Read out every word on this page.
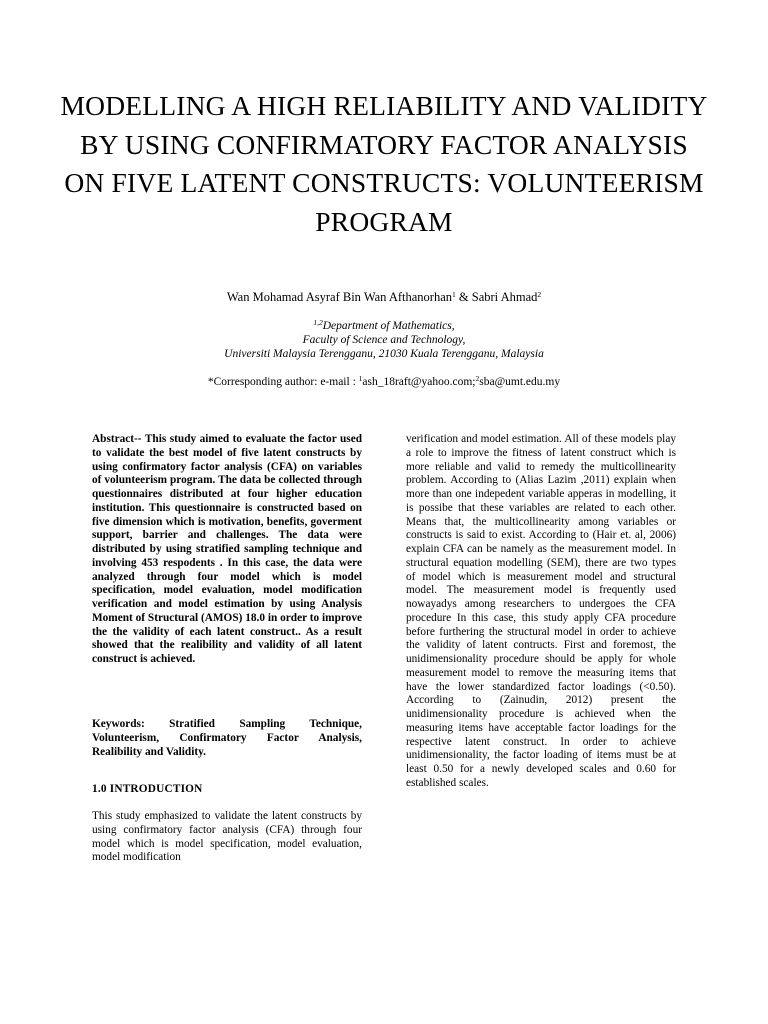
MODELLING A HIGH RELIABILITY AND VALIDITY BY USING CONFIRMATORY FACTOR ANALYSIS ON FIVE LATENT CONSTRUCTS: VOLUNTEERISM PROGRAM
Wan Mohamad Asyraf Bin Wan Afthanorhan$^1$ & Sabri Ahmad$^2$
$^{1,2}$Department of Mathematics,
Faculty of Science and Technology,
Universiti Malaysia Terengganu, 21030 Kuala Terengganu, Malaysia
*Corresponding author: e-mail : $^1$ash_18raft@yahoo.com;$^2$sba@umt.edu.my

Abstract-- This study aimed to evaluate the factor used to validate the best model of five latent constructs by using confirmatory factor analysis (CFA) on variables of volunteerism program. The data be collected through questionnaires distributed at four higher education institution. This questionnaire is constructed based on five dimension which is motivation, benefits, goverment support, barrier and challenges. The data were distributed by using stratified sampling technique and involving 453 respodents . In this case, the data were analyzed through four model which is model specification, model evaluation, model modification verification and model estimation by using Analysis Moment of Structural (AMOS) 18.0 in order to improve the the validity of each latent construct.. As a result showed that the realibility and validity of all latent construct is achieved.

Keywords: Stratified Sampling Technique, Volunteerism, Confirmatory Factor Analysis, Realibility and Validity.

1.0 INTRODUCTION

This study emphasized to validate the latent constructs by using confirmatory factor analysis (CFA) through four model which is model specification, model evaluation, model modification

verification and model estimation. All of these models play a role to improve the fitness of latent construct which is more reliable and valid to remedy the multicollinearity problem. According to (Alias Lazim ,2011) explain when more than one indepedent variable apperas in modelling, it is possibe that these variables are related to each other. Means that, the multicollinearity among variables or constructs is said to exist. According to (Hair et. al, 2006) explain CFA can be namely as the measurement model. In structural equation modelling (SEM), there are two types of model which is measurement model and structural model. The measurement model is frequently used nowayadys among researchers to undergoes the CFA procedure In this case, this study apply CFA procedure before furthering the structural model in order to achieve the validity of latent contructs. First and foremost, the unidimensionality procedure should be apply for whole measurement model to remove the measuring items that have the lower standardized factor loadings (<0.50). According to (Zainudin, 2012) present the unidimensionality procedure is achieved when the measuring items have acceptable factor loadings for the respective latent construct. In order to achieve unidimensionality, the factor loading of items must be at least 0.50 for a newly developed scales and 0.60 for established scales.
